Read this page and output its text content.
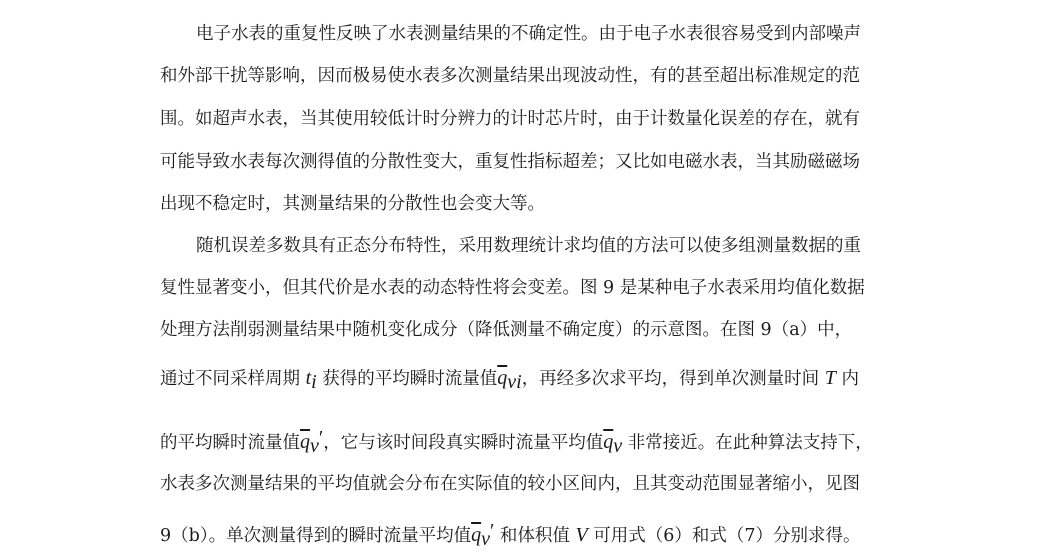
电子水表的重复性反映了水表测量结果的不确定性。由于电子水表很容易受到内部噪声
和外部干扰等影响，因而极易使水表多次测量结果出现波动性，有的甚至超出标准规定的范
围。如超声水表，当其使用较低计时分辨力的计时芯片时，由于计数量化误差的存在，就有
可能导致水表每次测得值的分散性变大，重复性指标超差；又比如电磁水表，当其励磁磁场
出现不稳定时，其测量结果的分散性也会变大等。
随机误差多数具有正态分布特性，采用数理统计求均值的方法可以使多组测量数据的重
复性显著变小，但其代价是水表的动态特性将会变差。图 9 是某种电子水表采用均值化数据
处理方法削弱测量结果中随机变化成分（降低测量不确定度）的示意图。在图 9（a）中，
通过不同采样周期 $t_i$ 获得的平均瞬时流量值$\overline{q}_{vi}$，再经多次求平均，得到单次测量时间 T 内
的平均瞬时流量值$\overline{q}_v'$，它与该时间段真实瞬时流量平均值$\overline{q}_v$ 非常接近。在此种算法支持下，
水表多次测量结果的平均值就会分布在实际值的较小区间内，且其变动范围显著缩小，见图
9（b）。单次测量得到的瞬时流量平均值$\overline{q}_v'$ 和体积值 V 可用式（6）和式（7）分别求得。
